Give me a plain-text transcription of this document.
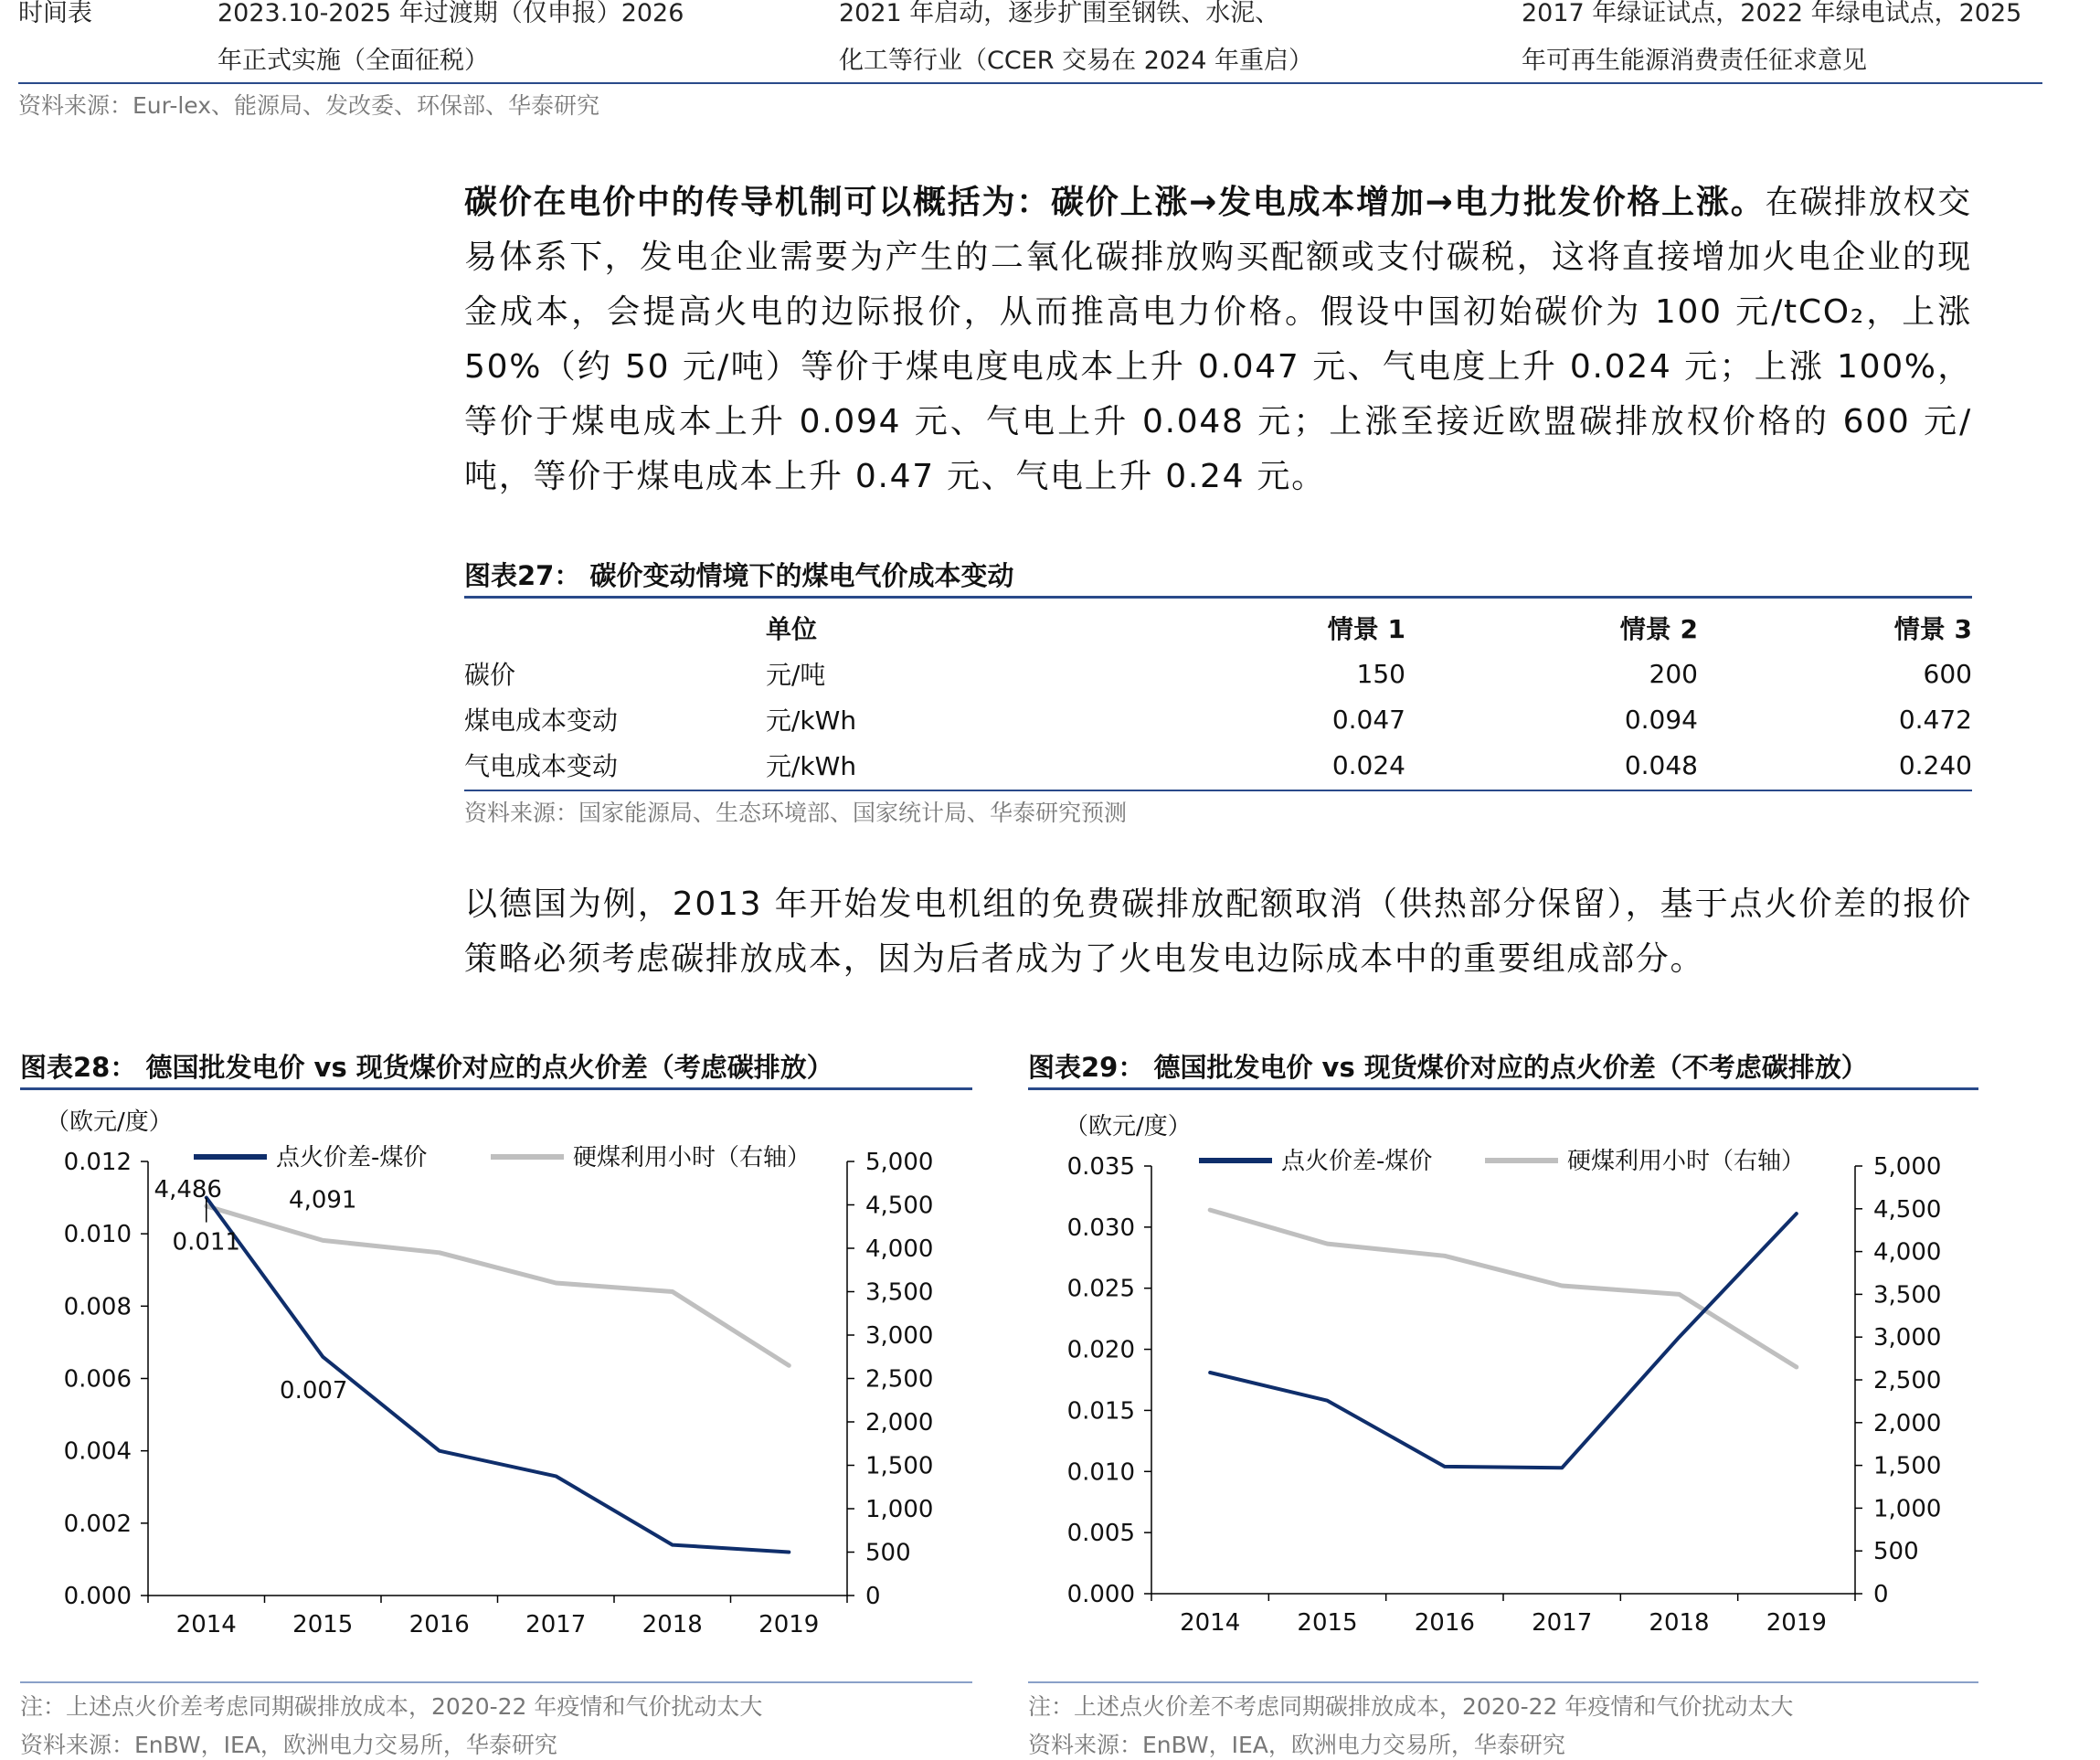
时间表	2023.10-2025 年过渡期（仅申报）2026
年正式实施（全面征税）
2021 年启动，逐步扩围至钢铁、水泥、
化工等行业（CCER 交易在 2024 年重启）
2017 年绿证试点，2022 年绿电试点，2025
年可再生能源消费责任征求意见
资料来源：Eur-lex、能源局、发改委、环保部、华泰研究
碳价在电价中的传导机制可以概括为：碳价上涨→发电成本增加→电力批发价格上涨。在碳排放权交易体系下，发电企业需要为产生的二氧化碳排放购买配额或支付碳税，这将直接增加火电企业的现金成本，会提高火电的边际报价，从而推高电力价格。假设中国初始碳价为 100 元/tCO₂，上涨 50%（约 50 元/吨）等价于煤电度电成本上升 0.047 元、气电度上升 0.024 元；上涨 100%，等价于煤电成本上升 0.094 元、气电上升 0.048 元；上涨至接近欧盟碳排放权价格的 600 元/吨，等价于煤电成本上升 0.47 元、气电上升 0.24 元。
图表27： 碳价变动情境下的煤电气价成本变动
	单位	情景 1	情景 2	情景 3
碳价	元/吨	150	200	600
煤电成本变动	元/kWh	0.047	0.094	0.472
气电成本变动	元/kWh	0.024	0.048	0.240
资料来源：国家能源局、生态环境部、国家统计局、华泰研究预测
以德国为例，2013 年开始发电机组的免费碳排放配额取消（供热部分保留），基于点火价差的报价策略必须考虑碳排放成本，因为后者成为了火电发电边际成本中的重要组成部分。
图表28： 德国批发电价 vs 现货煤价对应的点火价差（考虑碳排放）
0.000
0.002
0.004
0.006
0.008
0.010
0.012
0
500
1,000
1,500
2,000
2,500
3,000
3,500
4,000
4,500
5,000
2014 2015 2016 2017 2018 2019
（欧元/度）
点火价差-煤价	硬煤利用小时（右轴）
4,486	4,091
0.011
0.007
注：上述点火价差考虑同期碳排放成本，2020-22 年疫情和气价扰动太大
资料来源：EnBW，IEA，欧洲电力交易所，华泰研究
图表29： 德国批发电价 vs 现货煤价对应的点火价差（不考虑碳排放）
0.000
0.005
0.010
0.015
0.020
0.025
0.030
0.035
0
500
1,000
1,500
2,000
2,500
3,000
3,500
4,000
4,500
5,000
2014 2015 2016 2017 2018 2019
（欧元/度）
点火价差-煤价	硬煤利用小时（右轴）
注：上述点火价差不考虑同期碳排放成本，2020-22 年疫情和气价扰动太大
资料来源：EnBW，IEA，欧洲电力交易所，华泰研究
